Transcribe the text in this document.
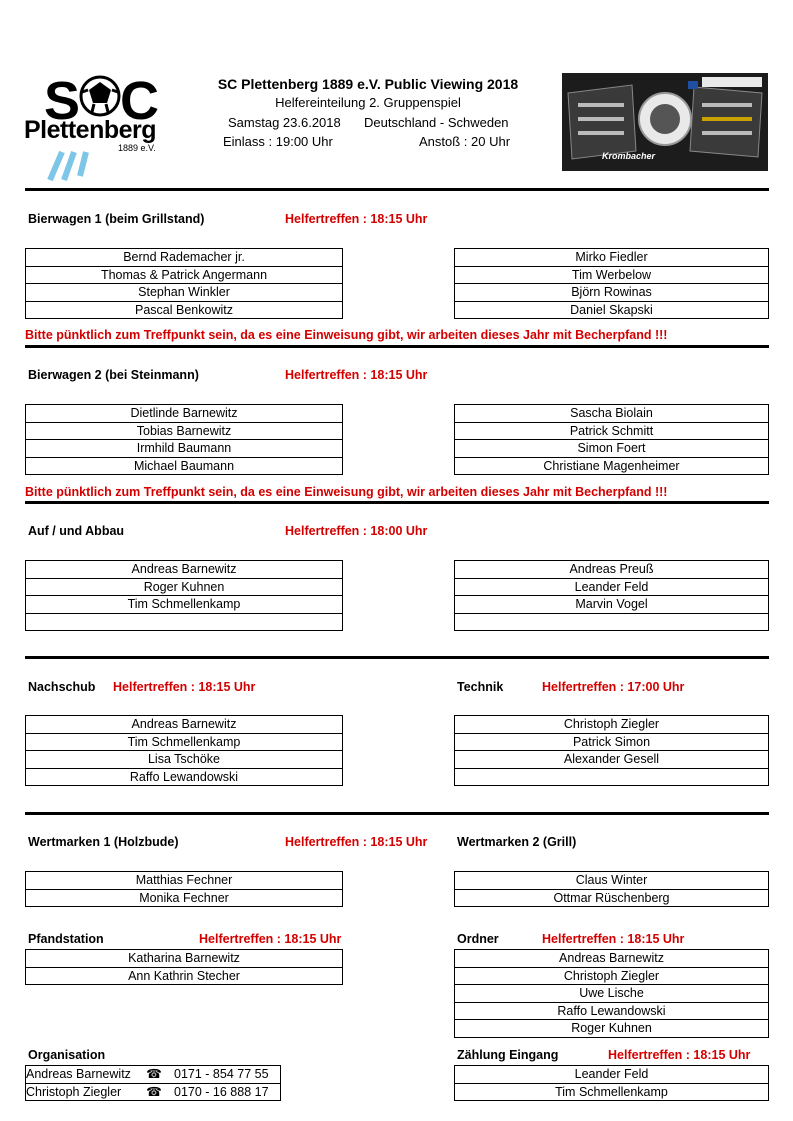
S C
Plettenberg
1889 e.V.
SC Plettenberg 1889 e.V. Public Viewing 2018
Helfereinteilung 2. Gruppenspiel
Samstag 23.6.2018 Deutschland - Schweden
Einlass : 19:00 Uhr	Anstoß : 20 Uhr
Krombacher
Bierwagen 1 (beim Grillstand)	Helfertreffen : 18:15 Uhr
Bernd Rademacher jr.
Thomas & Patrick Angermann
Stephan Winkler
Pascal Benkowitz
Mirko Fiedler
Tim Werbelow
Björn Rowinas
Daniel Skapski
Bitte pünktlich zum Treffpunkt sein, da es eine Einweisung gibt, wir arbeiten dieses Jahr mit Becherpfand !!!
Bierwagen 2 (bei Steinmann)	Helfertreffen : 18:15 Uhr
Dietlinde Barnewitz
Tobias Barnewitz
Irmhild Baumann
Michael Baumann
Sascha Biolain
Patrick Schmitt
Simon Foert
Christiane Magenheimer
Bitte pünktlich zum Treffpunkt sein, da es eine Einweisung gibt, wir arbeiten dieses Jahr mit Becherpfand !!!
Auf / und Abbau	Helfertreffen : 18:00 Uhr
Andreas Barnewitz
Roger Kuhnen
Tim Schmellenkamp

Andreas Preuß
Leander Feld
Marvin Vogel

Nachschub Helfertreffen : 18:15 Uhr	Technik	Helfertreffen : 17:00 Uhr
Andreas Barnewitz
Tim Schmellenkamp
Lisa Tschöke
Raffo Lewandowski
Christoph Ziegler
Patrick Simon
Alexander Gesell

Wertmarken 1 (Holzbude)	Helfertreffen : 18:15 Uhr Wertmarken 2 (Grill)
Matthias Fechner
Monika Fechner
Claus Winter
Ottmar Rüschenberg
Pfandstation	Helfertreffen : 18:15 Uhr	Ordner	Helfertreffen : 18:15 Uhr
Katharina Barnewitz
Ann Kathrin Stecher
Andreas Barnewitz
Christoph Ziegler
Uwe Lische
Raffo Lewandowski
Roger Kuhnen
Organisation	Zählung Eingang	Helfertreffen : 18:15 Uhr
Andreas Barnewitz	☎	0171 - 854 77 55
Christoph Ziegler	☎	0170 - 16 888 17
Leander Feld
Tim Schmellenkamp
